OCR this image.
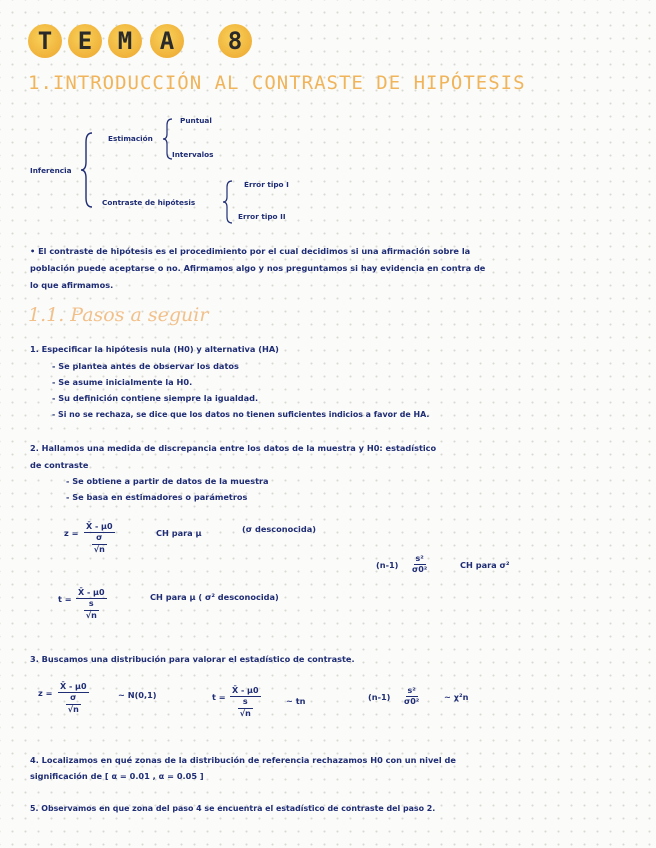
T	E	M	A	8
1.INTRODUCCIÓN AL CONTRASTE DE HIPÓTESIS
Inferencia
Estimación
Puntual
Intervalos
Contraste de hipótesis
Error tipo I
Error tipo II
• El contraste de hipótesis es el procedimiento por el cual decidimos si una afirmación sobre la
población puede aceptarse o no. Afirmamos algo y nos preguntamos si hay evidencia en contra de
lo que afirmamos.
1.1. Pasos a seguir
1. Especificar la hipótesis nula (H0) y alternativa (HA)
- Se plantea antes de observar los datos
- Se asume inicialmente la H0.
- Su definición contiene siempre la igualdad.
- Si no se rechaza, se dice que los datos no tienen suficientes indicios a favor de HA.
2. Hallamos una medida de discrepancia entre los datos de la muestra y H0: estadístico
de contraste
- Se obtiene a partir de datos de la muestra
- Se basa en estimadores o parámetros
z = X̄ - μ0
σ
√n	CH para μ	(σ desconocida)
$(n-1) \frac{\text{s²}}{\text{σ0²}}$	CH para σ²
t = X̄ - μ0
s
√n	CH para μ ( σ² desconocida)
3. Buscamos una distribución para valorar el estadístico de contraste.
z = X̄ - μ0
σ
√n	~ N(0,1)	t = X̄ - μ0
s
√n	~ tn	$(n-1) \frac{\text{s²}}{\text{σ0²}}$	~ χ²n
4. Localizamos en qué zonas de la distribución de referencia rechazamos H0 con un nivel de
significación de [ α = 0.01 , α = 0.05 ]
5. Observamos en que zona del paso 4 se encuentra el estadístico de contraste del paso 2.
